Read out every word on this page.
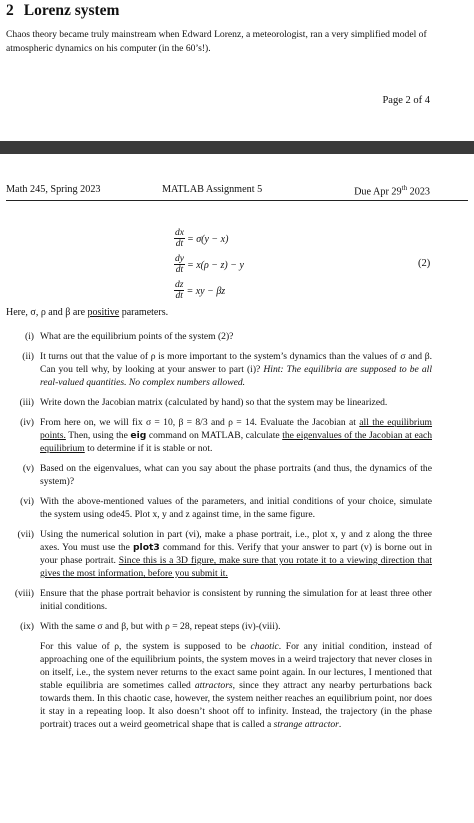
2 Lorenz system
Chaos theory became truly mainstream when Edward Lorenz, a meteorologist, ran a very simplified model of atmospheric dynamics on his computer (in the 60’s!).
Page 2 of 4
Math 245, Spring 2023	MATLAB Assignment 5	Due Apr 29th 2023
$\frac{dx}{dt} = \sigma(y - x)$
$\frac{dy}{dt} = x(\rho - z) - y$
$\frac{dz}{dt}$ = xy − βz
(2)
Here, σ, ρ and β are positive parameters.
(i) What are the equilibrium points of the system (2)?

(ii) It turns out that the value of ρ is more important to the system’s dynamics than the values of σ and β. Can you tell why, by looking at your answer to part (i)? Hint: The equilibria are supposed to be all real-valued quantities. No complex numbers allowed.

(iii) Write down the Jacobian matrix (calculated by hand) so that the system may be linearized.

(iv) From here on, we will fix σ = 10, β = 8/3 and ρ = 14. Evaluate the Jacobian at all the equilibrium points. Then, using the eig command on MATLAB, calculate the eigenvalues of the Jacobian at each equilibrium to determine if it is stable or not.

(v) Based on the eigenvalues, what can you say about the phase portraits (and thus, the dynamics of the system)?

(vi) With the above-mentioned values of the parameters, and initial conditions of your choice, simulate the system using ode45. Plot x, y and z against time, in the same figure.

(vii) Using the numerical solution in part (vi), make a phase portrait, i.e., plot x, y and z along the three axes. You must use the plot3 command for this. Verify that your answer to part (v) is borne out in your phase portrait. Since this is a 3D figure, make sure that you rotate it to a viewing direction that gives the most information, before you submit it.

(viii) Ensure that the phase portrait behavior is consistent by running the simulation for at least three other initial conditions.

(ix) With the same σ and β, but with ρ = 28, repeat steps (iv)-(viii).

For this value of ρ, the system is supposed to be chaotic. For any initial condition, instead of approaching one of the equilibrium points, the system moves in a weird trajectory that never closes in on itself, i.e., the system never returns to the exact same point again. In our lectures, I mentioned that stable equilibria are sometimes called attractors, since they attract any nearby perturbations back towards them. In this chaotic case, however, the system neither reaches an equilibrium point, nor does it stay in a repeating loop. It also doesn’t shoot off to infinity. Instead, the trajectory (in the phase portrait) traces out a weird geometrical shape that is called a strange attractor.
